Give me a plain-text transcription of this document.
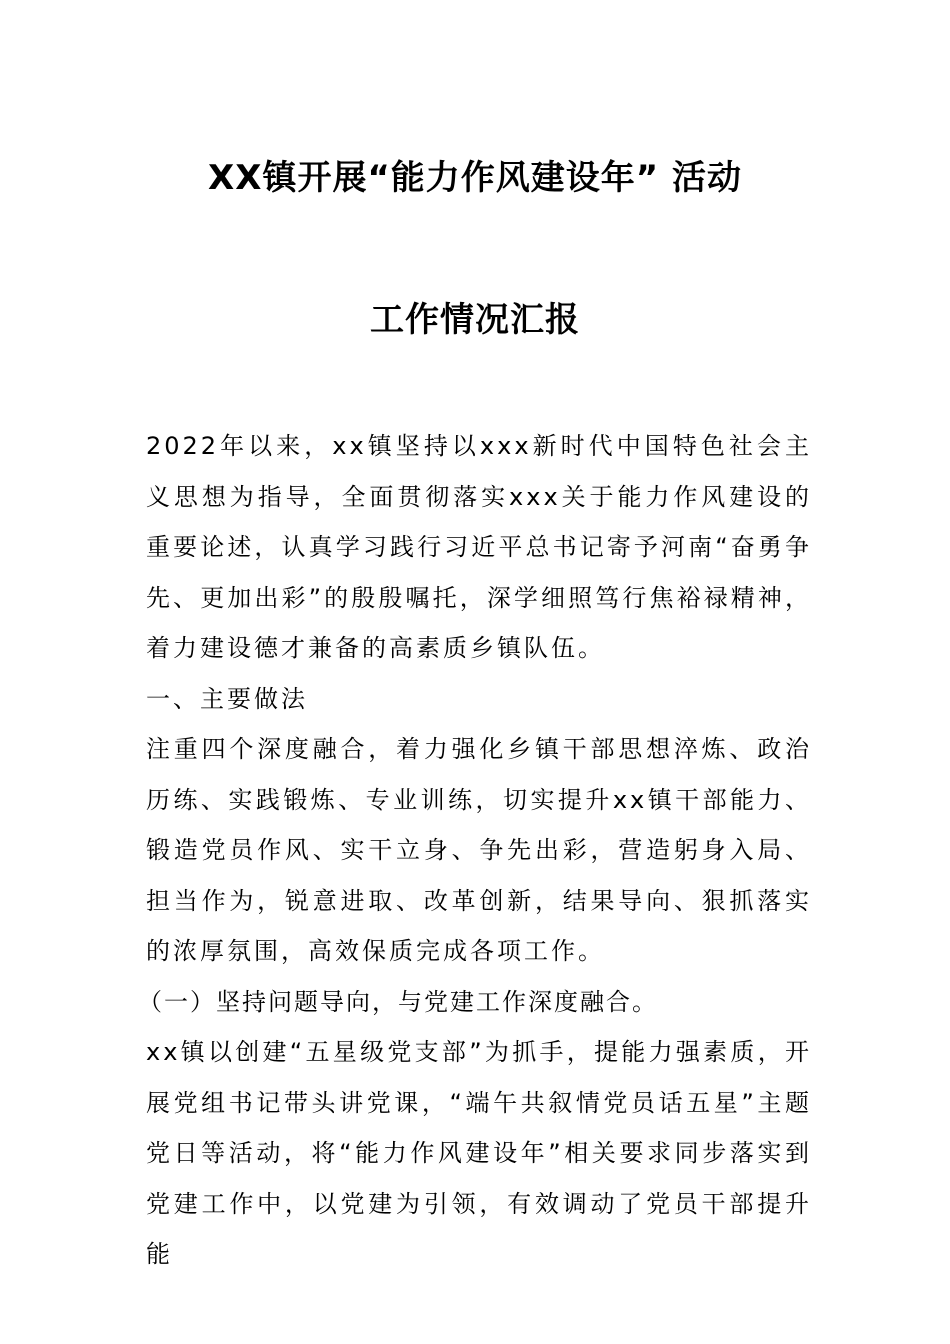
XX镇开展“能力作风建设年” 活动
工作情况汇报

2022年以来，xx镇坚持以xxx新时代中国特色社会主义思想为指导，全面贯彻落实xxx关于能力作风建设的重要论述，认真学习践行习近平总书记寄予河南“奋勇争先、更加出彩”的殷殷嘱托，深学细照笃行焦裕禄精神，着力建设德才兼备的高素质乡镇队伍。

一、主要做法

注重四个深度融合，着力强化乡镇干部思想淬炼、政治历练、实践锻炼、专业训练，切实提升xx镇干部能力、锻造党员作风、实干立身、争先出彩，营造躬身入局、担当作为，锐意进取、改革创新，结果导向、狠抓落实的浓厚氛围，高效保质完成各项工作。

（一）坚持问题导向，与党建工作深度融合。

xx镇以创建“五星级党支部”为抓手，提能力强素质，开展党组书记带头讲党课，“端午共叙情党员话五星”主题党日等活动，将“能力作风建设年”相关要求同步落实到党建工作中，以党建为引领，有效调动了党员干部提升能
